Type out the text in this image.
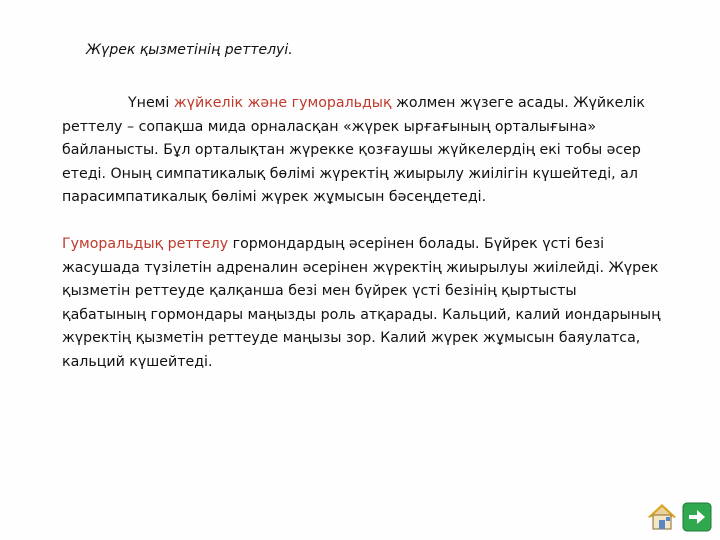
Жүрек қызметінің реттелуі.

Үнемі жүйкелік және гуморальдық жолмен жүзеге асады. Жүйкелік реттелу – сопақша мида орналасқан «жүрек ырғағының орталығына» байланысты. Бұл орталықтан жүрекке қозғаушы жүйкелердің екі тобы әсер етеді. Оның симпатикалық бөлімі жүректің жиырылу жиілігін күшейтеді, ал парасимпатикалық бөлімі жүрек жұмысын бәсеңдетеді.

Гуморальдық реттелу гормондардың әсерінен болады. Бүйрек үсті безі жасушада түзілетін адреналин әсерінен жүректің жиырылуы жиілейді. Жүрек қызметін реттеуде қалқанша безі мен бүйрек үсті безінің қыртысты қабатының гормондары маңызды роль атқарады. Кальций, калий иондарының жүректің қызметін реттеуде маңызы зор. Калий жүрек жұмысын баяулатса, кальций күшейтеді.
